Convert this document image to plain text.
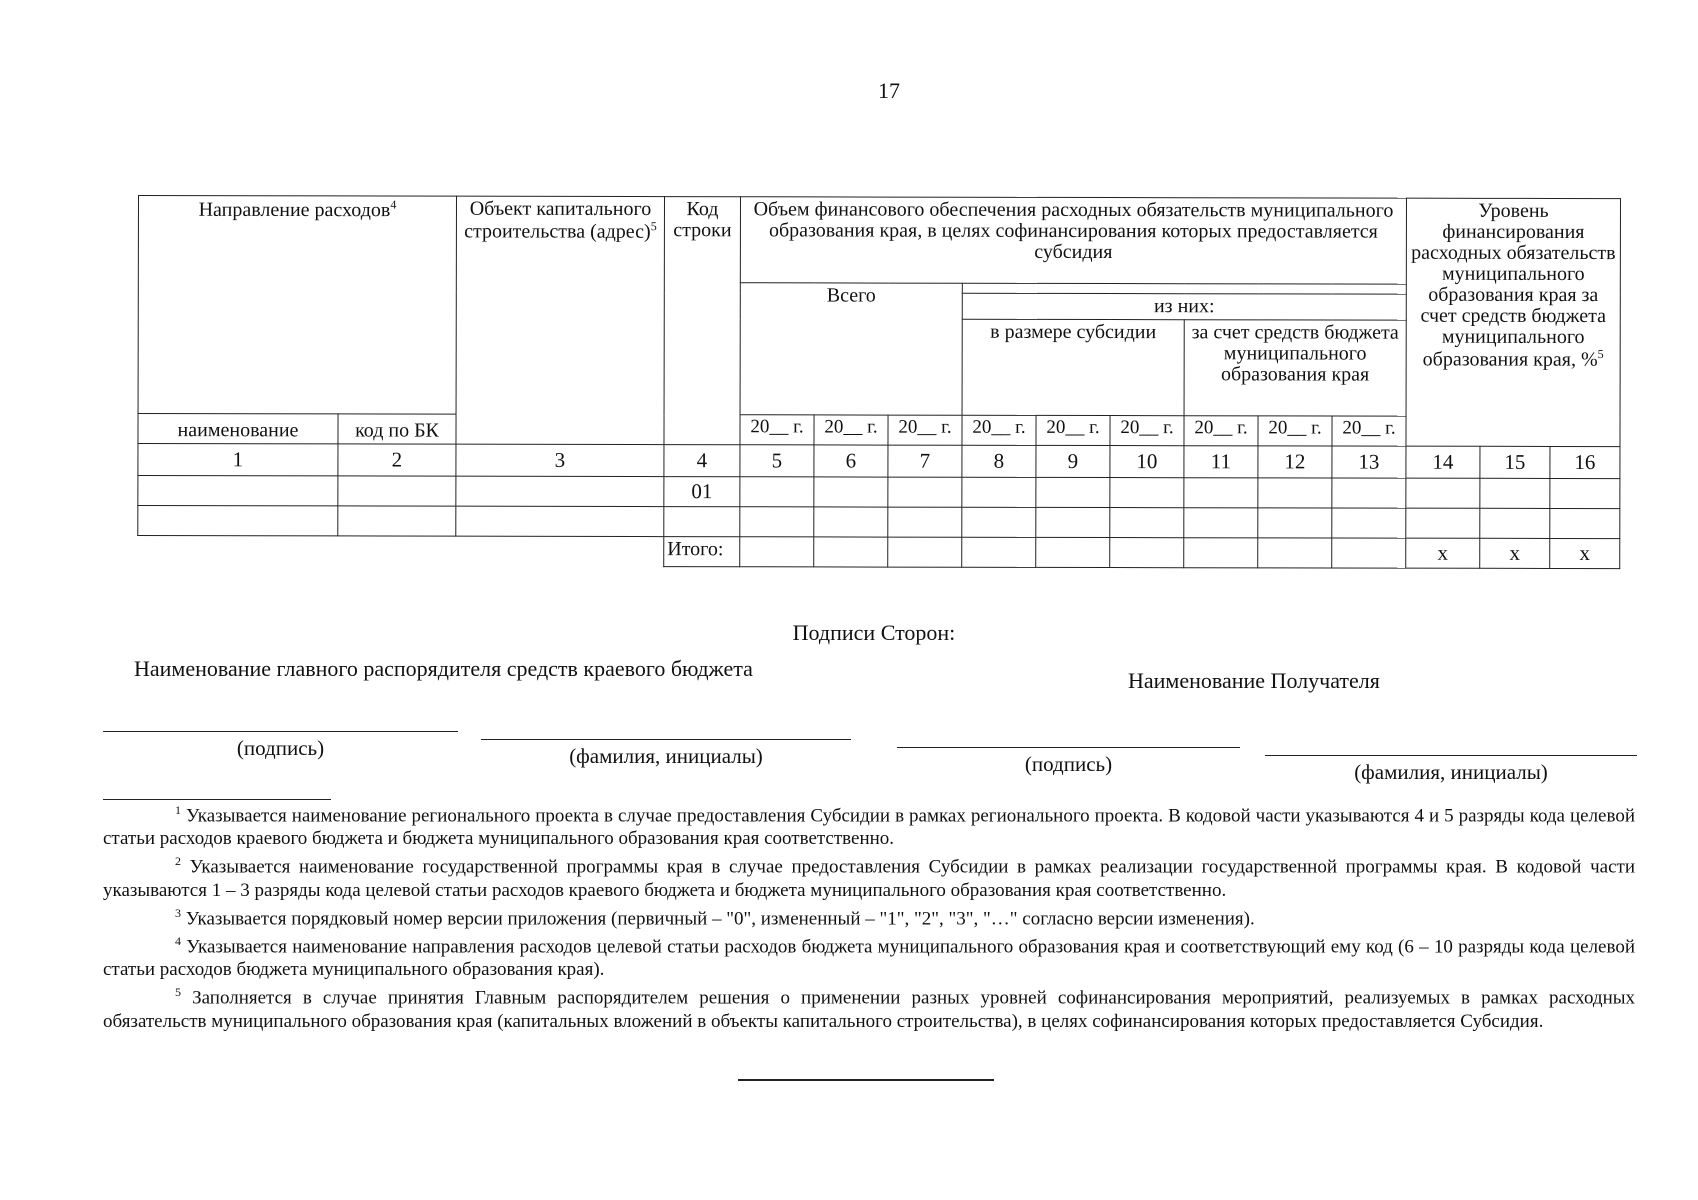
17
Направление расходов$^4$		Объект капитального строительства (адрес)$^5$	Код строки	Объем финансового обеспечения расходных обязательств муниципального образования края, в целях софинансирования которых предоставляется субсидия									Уровень финансирования расходных обязательств муниципального образования края за счет средств бюджета муниципального образования края, %$^5$
				Всего											
							из них:								
							в размере субсидии			за счет средств бюджета муниципального образования края					
наименование	код по БК			20__ г.	20__ г.	20__ г.	20__ г.	20__ г.	20__ г.	20__ г.	20__ г.	20__ г.			
1	2	3	4	5	6	7	8	9	10	11	12	13	14	15	16
			01												

			Итого:										x	x	x
Подписи Сторон:
Наименование главного распорядителя средств краевого бюджета	Наименование Получателя
(подпись)	(фамилия, инициалы)	(подпись)	(фамилия, инициалы)

$^1$ Указывается наименование регионального проекта в случае предоставления Субсидии в рамках регионального проекта. В кодовой части указываются 4 и 5 разряды кода целевой статьи расходов краевого бюджета и бюджета муниципального образования края соответственно.

$^2$ Указывается наименование государственной программы края в случае предоставления Субсидии в рамках реализации государственной программы края. В кодовой части указываются 1 – 3 разряды кода целевой статьи расходов краевого бюджета и бюджета муниципального образования края соответственно.

$^3$ Указывается порядковый номер версии приложения (первичный – "0", измененный – "1", "2", "3", "…" согласно версии изменения).

$^4$ Указывается наименование направления расходов целевой статьи расходов бюджета муниципального образования края и соответствующий ему код (6 – 10 разряды кода целевой статьи расходов бюджета муниципального образования края).

$^5$ Заполняется в случае принятия Главным распорядителем решения о применении разных уровней софинансирования мероприятий, реализуемых в рамках расходных обязательств муниципального образования края (капитальных вложений в объекты капитального строительства), в целях софинансирования которых предоставляется Субсидия.
